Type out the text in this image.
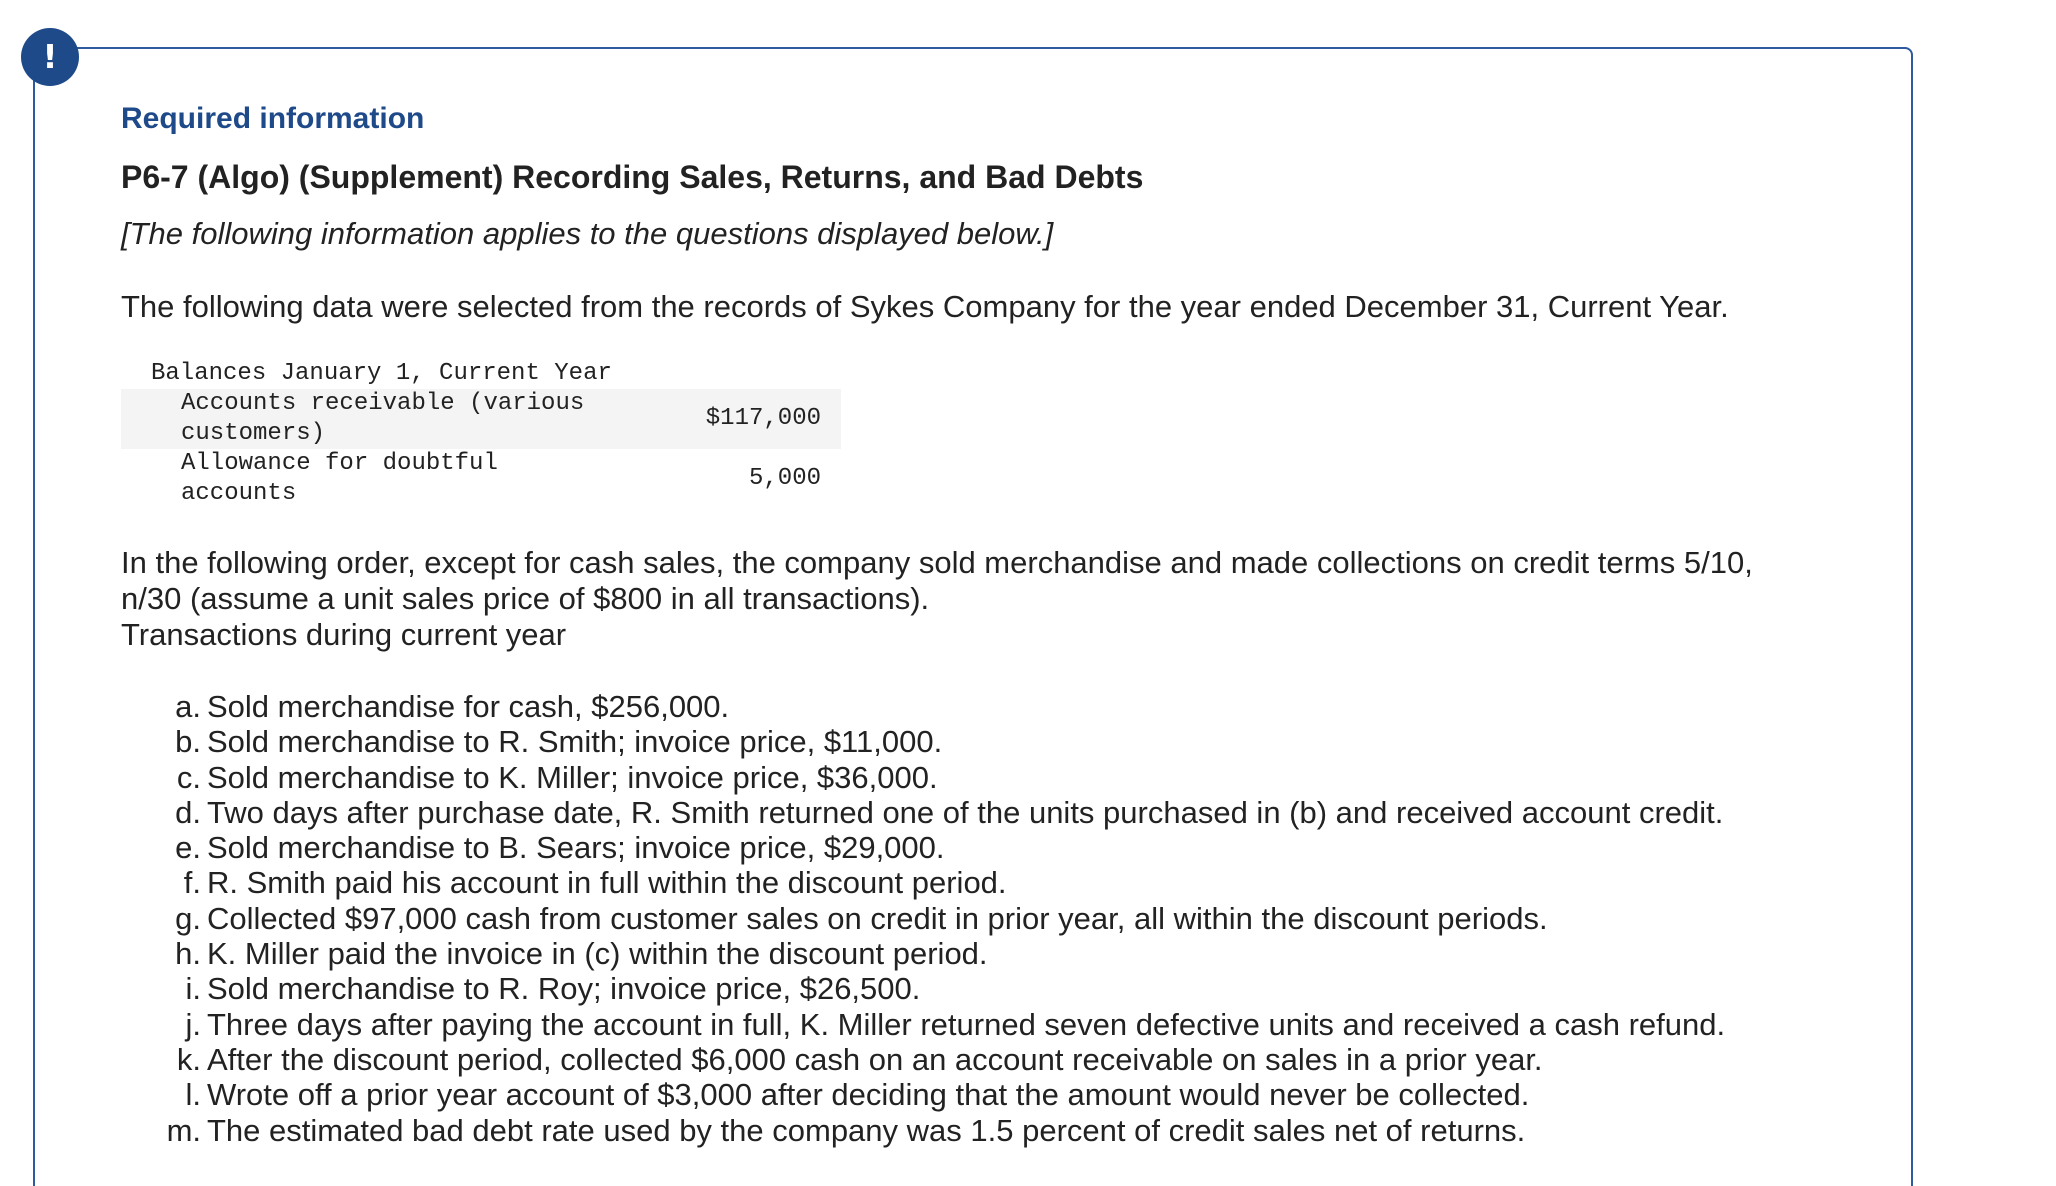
!

Required information

P6-7 (Algo) (Supplement) Recording Sales, Returns, and Bad Debts

[The following information applies to the questions displayed below.]

The following data were selected from the records of Sykes Company for the year ended December 31, Current Year.

Balances January 1, Current Year	
Accounts receivable (various customers)	$117,000
Allowance for doubtful accounts	5,000

In the following order, except for cash sales, the company sold merchandise and made collections on credit terms 5/10, n/30 (assume a unit sales price of $800 in all transactions).
Transactions during current year

a. Sold merchandise for cash, $256,000.
b. Sold merchandise to R. Smith; invoice price, $11,000.
c. Sold merchandise to K. Miller; invoice price, $36,000.
d. Two days after purchase date, R. Smith returned one of the units purchased in (b) and received account credit.
e. Sold merchandise to B. Sears; invoice price, $29,000.
f. R. Smith paid his account in full within the discount period.
g. Collected $97,000 cash from customer sales on credit in prior year, all within the discount periods.
h. K. Miller paid the invoice in (c) within the discount period.
i. Sold merchandise to R. Roy; invoice price, $26,500.
j. Three days after paying the account in full, K. Miller returned seven defective units and received a cash refund.
k. After the discount period, collected $6,000 cash on an account receivable on sales in a prior year.
l. Wrote off a prior year account of $3,000 after deciding that the amount would never be collected.
m. The estimated bad debt rate used by the company was 1.5 percent of credit sales net of returns.
